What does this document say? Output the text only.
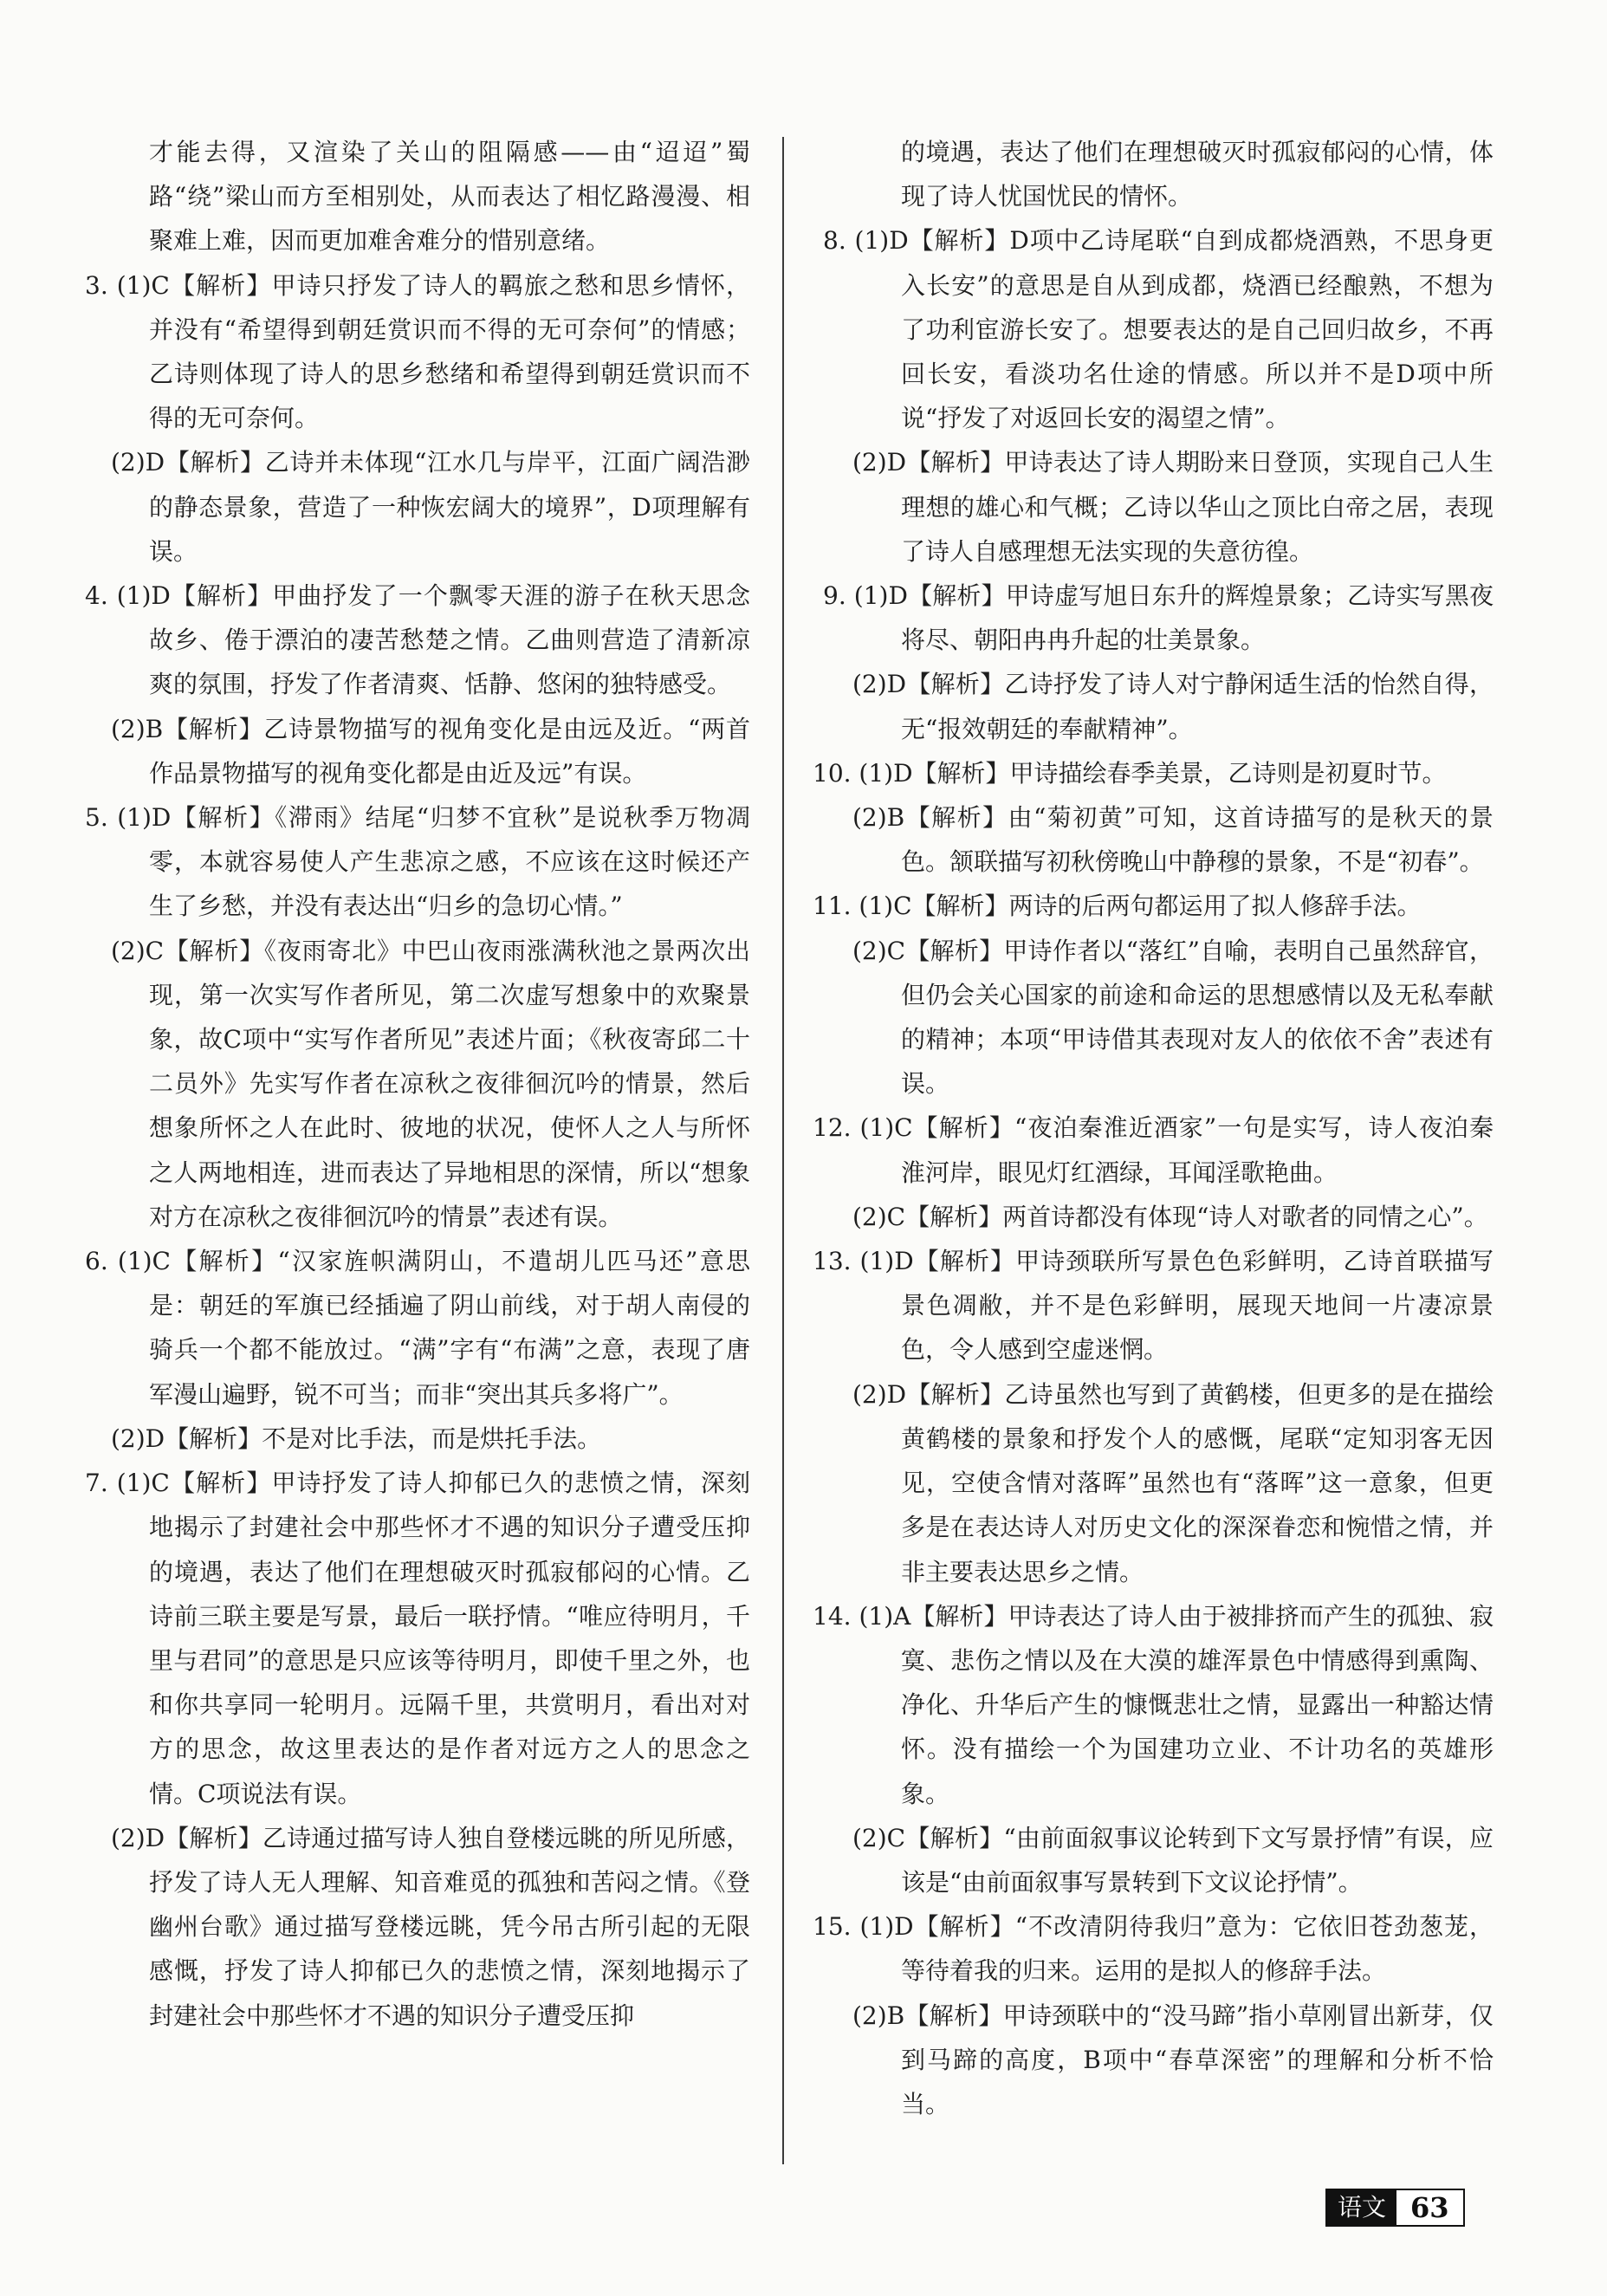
才能去得，又渲染了关山的阻隔感——由“迢迢”蜀路“绕”梁山而方至相别处，从而表达了相忆路漫漫、相聚难上难，因而更加难舍难分的惜别意绪。

3. (1)C【解析】甲诗只抒发了诗人的羁旅之愁和思乡情怀，并没有“希望得到朝廷赏识而不得的无可奈何”的情感；乙诗则体现了诗人的思乡愁绪和希望得到朝廷赏识而不得的无可奈何。

(2)D【解析】乙诗并未体现“江水几与岸平，江面广阔浩渺的静态景象，营造了一种恢宏阔大的境界”，D项理解有误。

4. (1)D【解析】甲曲抒发了一个飘零天涯的游子在秋天思念故乡、倦于漂泊的凄苦愁楚之情。乙曲则营造了清新凉爽的氛围，抒发了作者清爽、恬静、悠闲的独特感受。

(2)B【解析】乙诗景物描写的视角变化是由远及近。“两首作品景物描写的视角变化都是由近及远”有误。

5. (1)D【解析】《滞雨》结尾“归梦不宜秋”是说秋季万物凋零，本就容易使人产生悲凉之感，不应该在这时候还产生了乡愁，并没有表达出“归乡的急切心情。”

(2)C【解析】《夜雨寄北》中巴山夜雨涨满秋池之景两次出现，第一次实写作者所见，第二次虚写想象中的欢聚景象，故C项中“实写作者所见”表述片面；《秋夜寄邱二十二员外》先实写作者在凉秋之夜徘徊沉吟的情景，然后想象所怀之人在此时、彼地的状况，使怀人之人与所怀之人两地相连，进而表达了异地相思的深情，所以“想象对方在凉秋之夜徘徊沉吟的情景”表述有误。

6. (1)C【解析】“汉家旌帜满阴山，不遣胡儿匹马还”意思是：朝廷的军旗已经插遍了阴山前线，对于胡人南侵的骑兵一个都不能放过。“满”字有“布满”之意，表现了唐军漫山遍野，锐不可当；而非“突出其兵多将广”。

(2)D【解析】不是对比手法，而是烘托手法。

7. (1)C【解析】甲诗抒发了诗人抑郁已久的悲愤之情，深刻地揭示了封建社会中那些怀才不遇的知识分子遭受压抑的境遇，表达了他们在理想破灭时孤寂郁闷的心情。乙诗前三联主要是写景，最后一联抒情。“唯应待明月，千里与君同”的意思是只应该等待明月，即使千里之外，也和你共享同一轮明月。远隔千里，共赏明月，看出对对方的思念，故这里表达的是作者对远方之人的思念之情。C项说法有误。

(2)D【解析】乙诗通过描写诗人独自登楼远眺的所见所感，抒发了诗人无人理解、知音难觅的孤独和苦闷之情。《登幽州台歌》通过描写登楼远眺，凭今吊古所引起的无限感慨，抒发了诗人抑郁已久的悲愤之情，深刻地揭示了封建社会中那些怀才不遇的知识分子遭受压抑

的境遇，表达了他们在理想破灭时孤寂郁闷的心情，体现了诗人忧国忧民的情怀。

8. (1)D【解析】D项中乙诗尾联“自到成都烧酒熟，不思身更入长安”的意思是自从到成都，烧酒已经酿熟，不想为了功利宦游长安了。想要表达的是自己回归故乡，不再回长安，看淡功名仕途的情感。所以并不是D项中所说“抒发了对返回长安的渴望之情”。

(2)D【解析】甲诗表达了诗人期盼来日登顶，实现自己人生理想的雄心和气概；乙诗以华山之顶比白帝之居，表现了诗人自感理想无法实现的失意彷徨。

9. (1)D【解析】甲诗虚写旭日东升的辉煌景象；乙诗实写黑夜将尽、朝阳冉冉升起的壮美景象。

(2)D【解析】乙诗抒发了诗人对宁静闲适生活的怡然自得，无“报效朝廷的奉献精神”。

10. (1)D【解析】甲诗描绘春季美景，乙诗则是初夏时节。

(2)B【解析】由“菊初黄”可知，这首诗描写的是秋天的景色。颔联描写初秋傍晚山中静穆的景象，不是“初春”。

11. (1)C【解析】两诗的后两句都运用了拟人修辞手法。

(2)C【解析】甲诗作者以“落红”自喻，表明自己虽然辞官，但仍会关心国家的前途和命运的思想感情以及无私奉献的精神；本项“甲诗借其表现对友人的依依不舍”表述有误。

12. (1)C【解析】“夜泊秦淮近酒家”一句是实写，诗人夜泊秦淮河岸，眼见灯红酒绿，耳闻淫歌艳曲。

(2)C【解析】两首诗都没有体现“诗人对歌者的同情之心”。

13. (1)D【解析】甲诗颈联所写景色色彩鲜明，乙诗首联描写景色凋敝，并不是色彩鲜明，展现天地间一片凄凉景色，令人感到空虚迷惘。

(2)D【解析】乙诗虽然也写到了黄鹤楼，但更多的是在描绘黄鹤楼的景象和抒发个人的感慨，尾联“定知羽客无因见，空使含情对落晖”虽然也有“落晖”这一意象，但更多是在表达诗人对历史文化的深深眷恋和惋惜之情，并非主要表达思乡之情。

14. (1)A【解析】甲诗表达了诗人由于被排挤而产生的孤独、寂寞、悲伤之情以及在大漠的雄浑景色中情感得到熏陶、净化、升华后产生的慷慨悲壮之情，显露出一种豁达情怀。没有描绘一个为国建功立业、不计功名的英雄形象。

(2)C【解析】“由前面叙事议论转到下文写景抒情”有误，应该是“由前面叙事写景转到下文议论抒情”。

15. (1)D【解析】“不改清阴待我归”意为：它依旧苍劲葱茏，等待着我的归来。运用的是拟人的修辞手法。

(2)B【解析】甲诗颈联中的“没马蹄”指小草刚冒出新芽，仅到马蹄的高度，B项中“春草深密”的理解和分析不恰当。

语文 63
